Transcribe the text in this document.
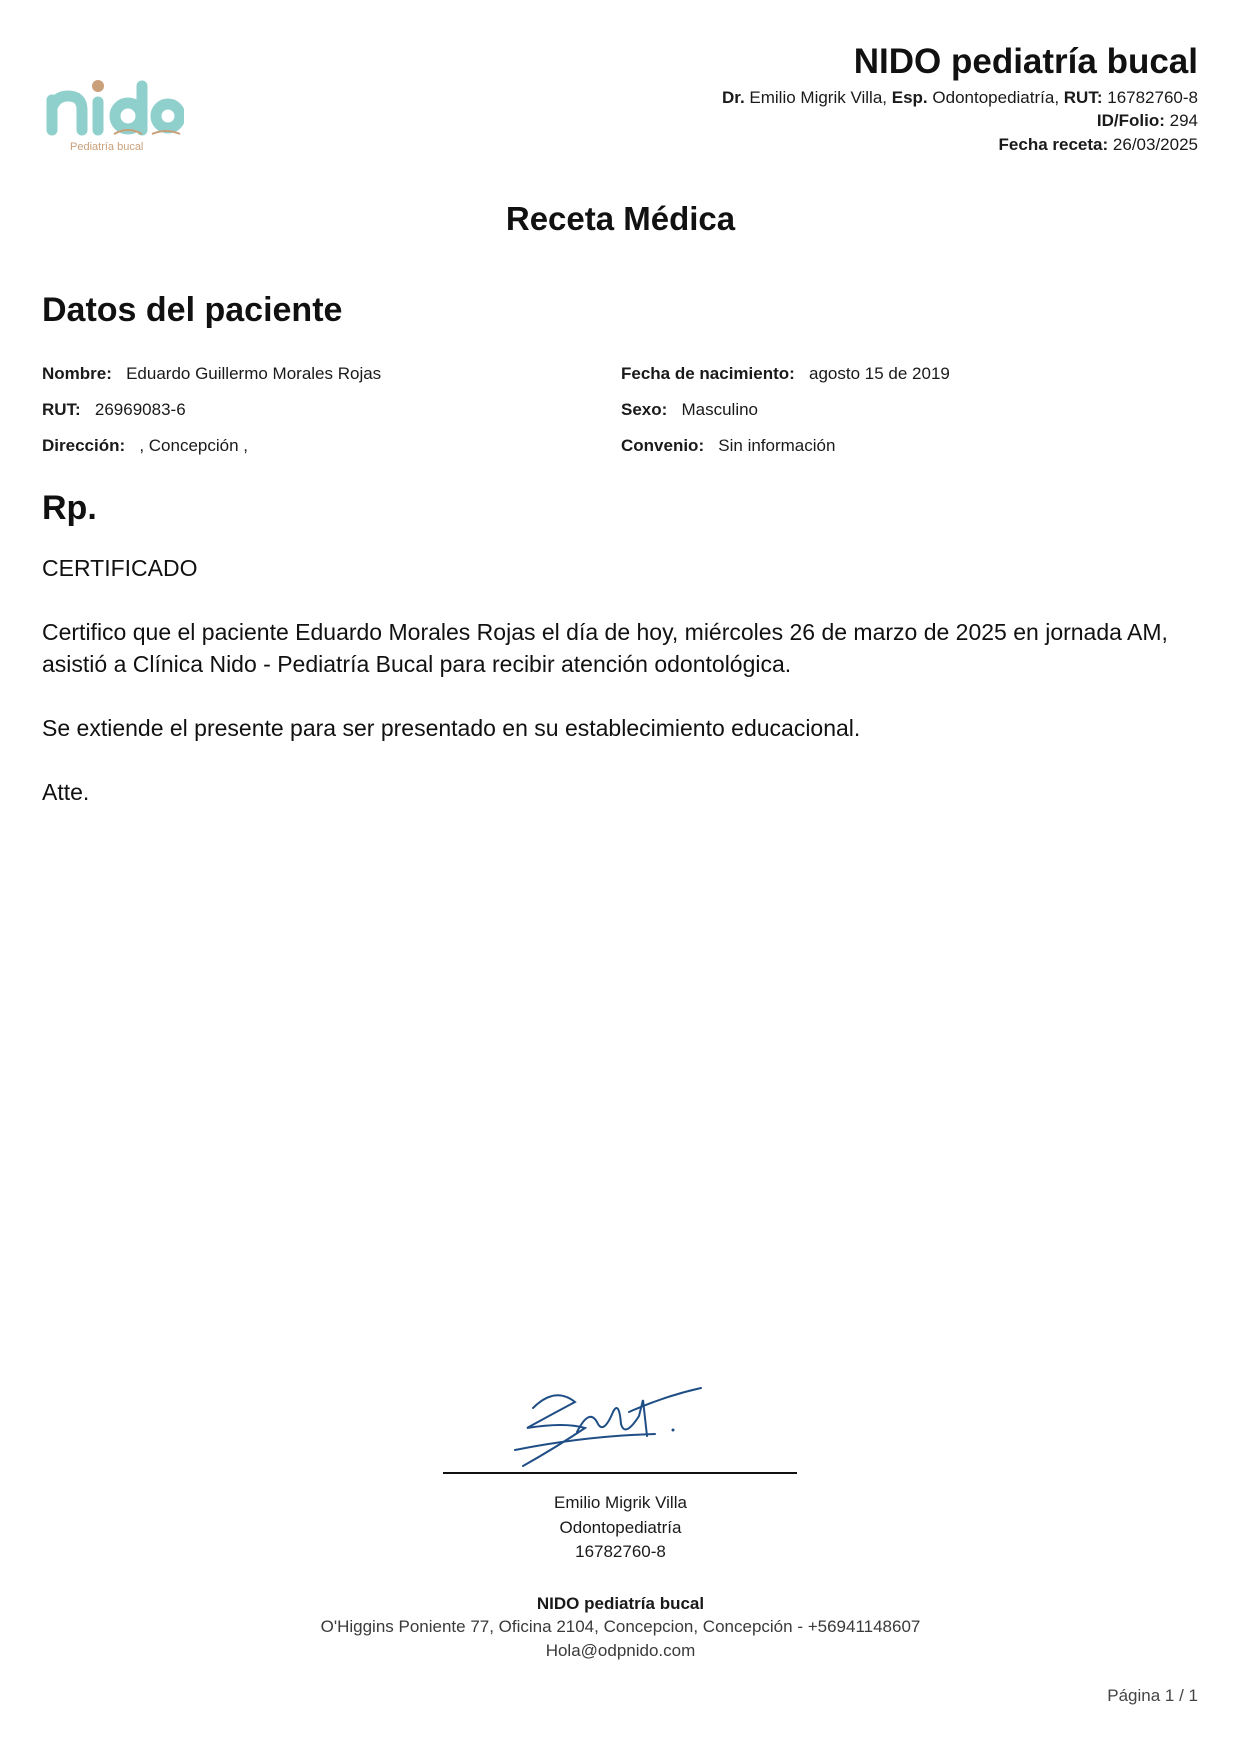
Pediatría bucal
NIDO pediatría bucal
Dr. Emilio Migrik Villa, Esp. Odontopediatría, RUT: 16782760-8
ID/Folio: 294
Fecha receta: 26/03/2025
Receta Médica
Datos del paciente
Nombre: Eduardo Guillermo Morales Rojas
RUT: 26969083-6
Dirección: , Concepción ,
Fecha de nacimiento: agosto 15 de 2019
Sexo: Masculino
Convenio: Sin información
Rp.
CERTIFICADO
Certifico que el paciente Eduardo Morales Rojas el día de hoy, miércoles 26 de marzo de 2025 en jornada AM, asistió a Clínica Nido - Pediatría Bucal para recibir atención odontológica.
Se extiende el presente para ser presentado en su establecimiento educacional.
Atte.
Emilio Migrik Villa
Odontopediatría
16782760-8
NIDO pediatría bucal
O'Higgins Poniente 77, Oficina 2104, Concepcion, Concepción - +56941148607
Hola@odpnido.com
Página 1 / 1
